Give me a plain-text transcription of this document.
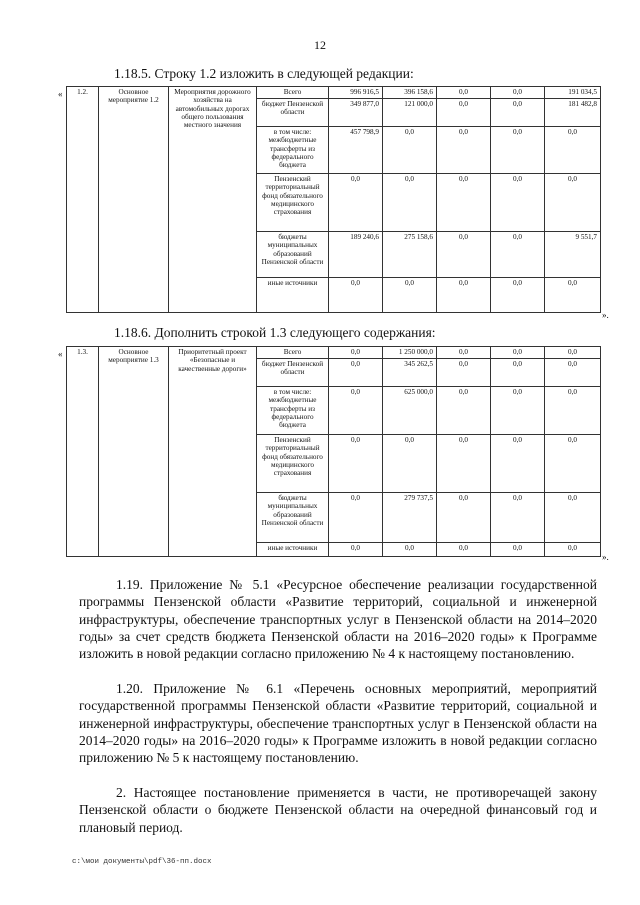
12
1.18.5. Строку 1.2 изложить в следующей редакции:
« 1.2.	Основное мероприятие 1.2	Мероприятия дорожного хозяйства на автомобильных дорогах общего пользования местного значения	Всего	996 916,5	396 158,6	0,0	0,0	191 034,5
			бюджет Пензенской области	349 877,0	121 000,0	0,0	0,0	181 482,8
			в том числе: межбюджетные трансферты из федерального бюджета	457 798,9	0,0	0,0	0,0	0,0
			Пензенский территориальный фонд обязательного медицинского страхования	0,0	0,0	0,0	0,0	0,0
			бюджеты муниципальных образований Пензенской области	189 240,6	275 158,6	0,0	0,0	9 551,7
			иные источники	0,0	0,0	0,0	0,0	0,0
».
1.18.6. Дополнить строкой 1.3 следующего содержания:
« 1.3.	Основное мероприятие 1.3	Приоритетный проект «Безопасные и качественные дороги»	Всего	0,0	1 250 000,0	0,0	0,0	0,0
			бюджет Пензенской области	0,0	345 262,5	0,0	0,0	0,0
			в том числе: межбюджетные трансферты из федерального бюджета	0,0	625 000,0	0,0	0,0	0,0
			Пензенский территориальный фонд обязательного медицинского страхования	0,0	0,0	0,0	0,0	0,0
			бюджеты муниципальных образований Пензенской области	0,0	279 737,5	0,0	0,0	0,0
			иные источники	0,0	0,0	0,0	0,0	0,0
».
1.19. Приложение № 5.1 «Ресурсное обеспечение реализации государственной программы Пензенской области «Развитие территорий, социальной и инженерной инфраструктуры, обеспечение транспортных услуг в Пензенской области на 2014–2020 годы» за счет средств бюджета Пензенской области на 2016–2020 годы» к Программе изложить в новой редакции согласно приложению № 4 к настоящему постановлению.
1.20. Приложение № 6.1 «Перечень основных мероприятий, мероприятий государственной программы Пензенской области «Развитие территорий, социальной и инженерной инфраструктуры, обеспечение транспортных услуг в Пензенской области на 2014–2020 годы» на 2016–2020 годы» к Программе изложить в новой редакции согласно приложению № 5 к настоящему постановлению.
2. Настоящее постановление применяется в части, не противоречащей закону Пензенской области о бюджете Пензенской области на очередной финансовый год и плановый период.
c:\мои документы\pdf\36-пп.docx
